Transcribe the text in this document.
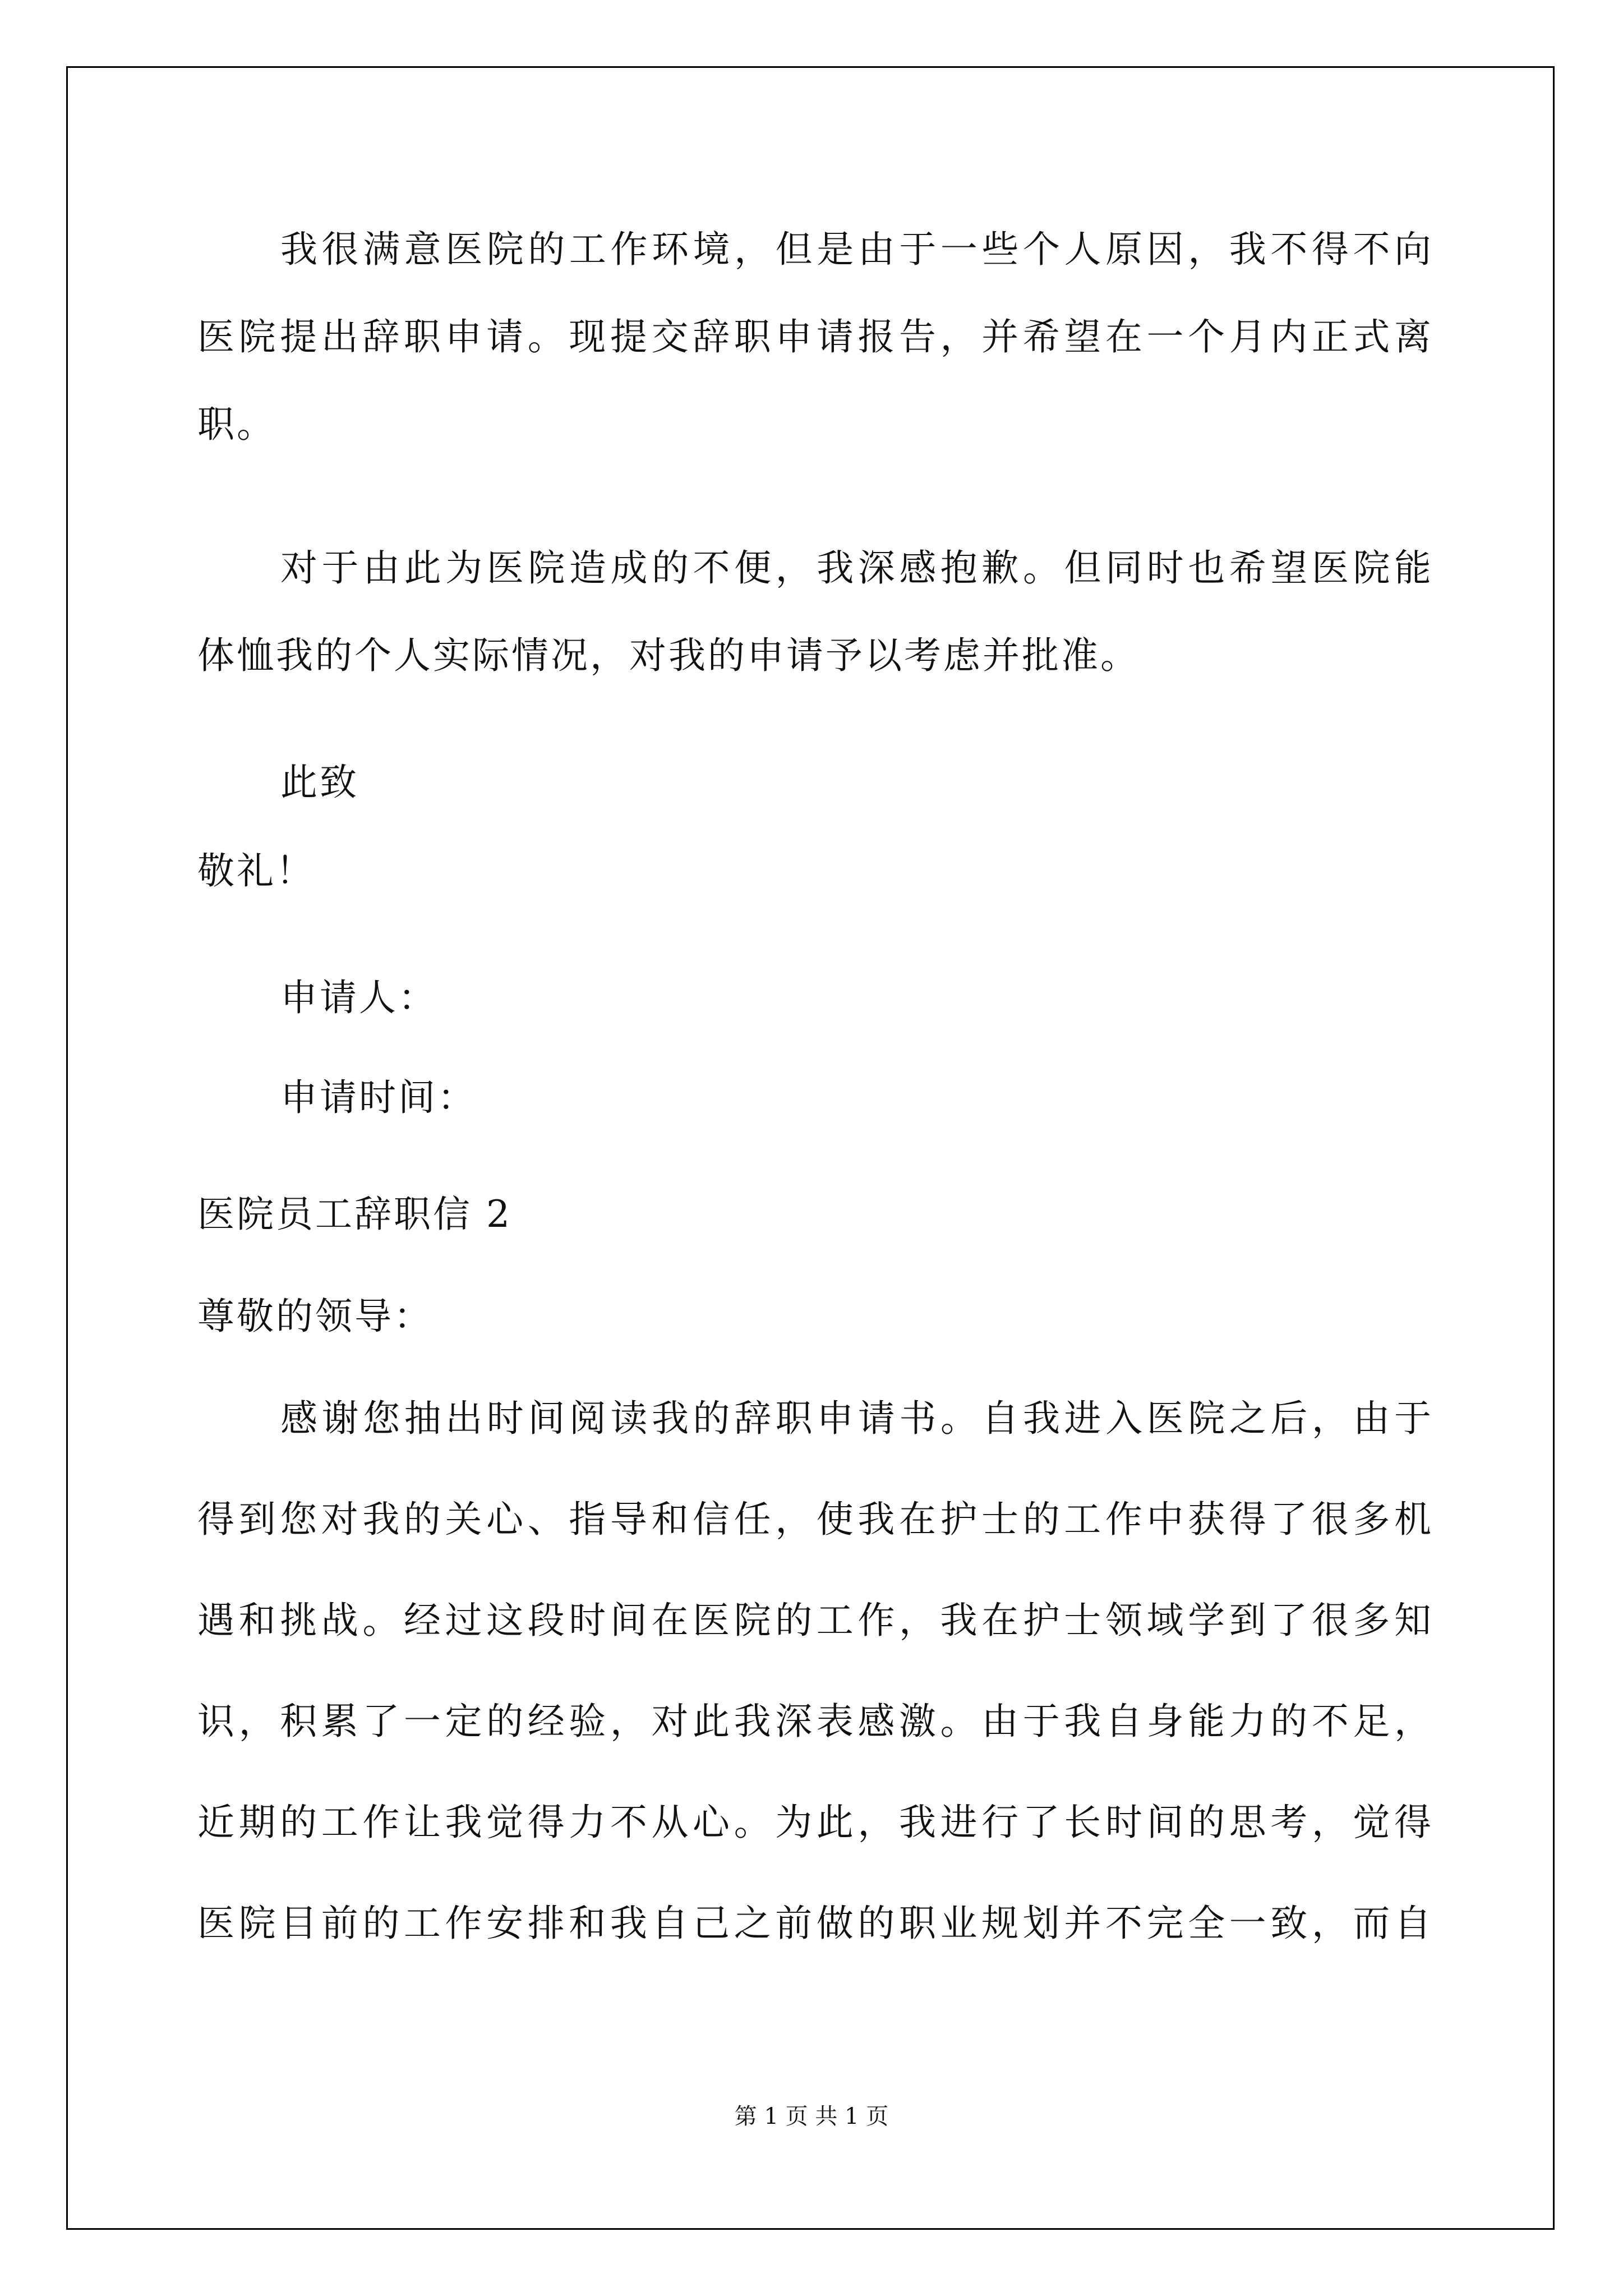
我很满意医院的工作环境，但是由于一些个人原因，我不得不向
医院提出辞职申请。现提交辞职申请报告，并希望在一个月内正式离
职。
对于由此为医院造成的不便，我深感抱歉。但同时也希望医院能
体恤我的个人实际情况，对我的申请予以考虑并批准。
此致
敬礼！
申请人：
申请时间：
医院员工辞职信 2
尊敬的领导：
感谢您抽出时间阅读我的辞职申请书。自我进入医院之后，由于
得到您对我的关心、指导和信任，使我在护士的工作中获得了很多机
遇和挑战。经过这段时间在医院的工作，我在护士领域学到了很多知
识，积累了一定的经验，对此我深表感激。由于我自身能力的不足，
近期的工作让我觉得力不从心。为此，我进行了长时间的思考，觉得
医院目前的工作安排和我自己之前做的职业规划并不完全一致，而自
第 1 页 共 1 页
